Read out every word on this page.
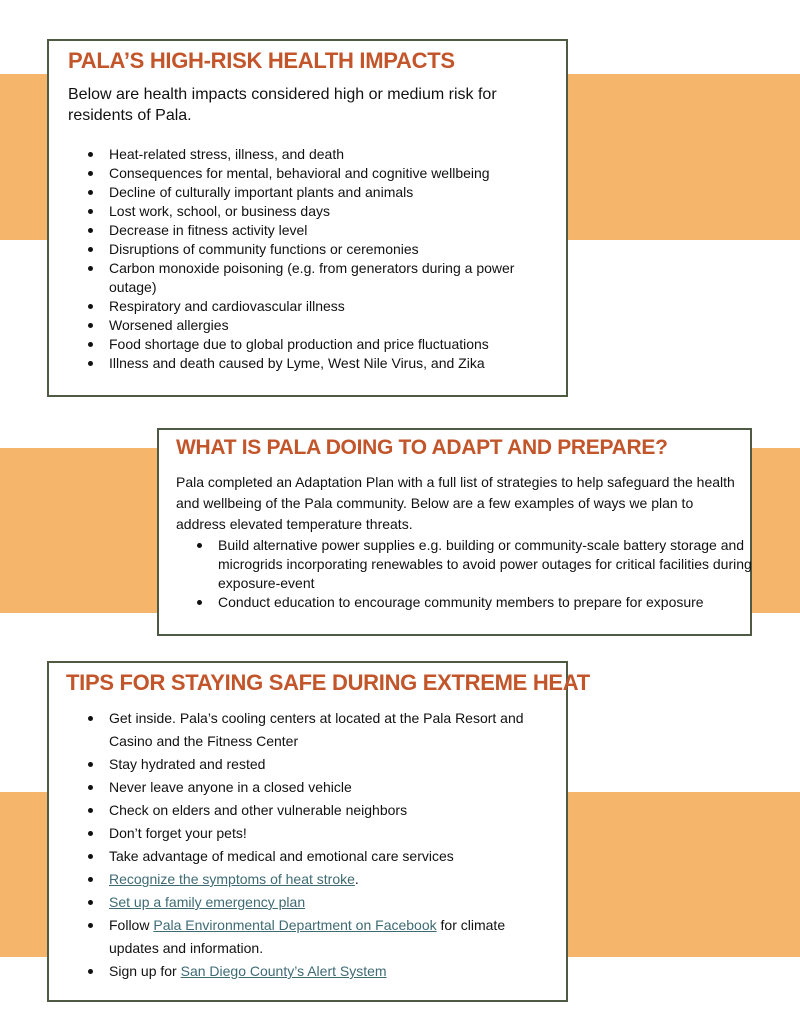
PALA’S HIGH-RISK HEALTH IMPACTS

Below are health impacts considered high or medium risk for residents of Pala.

Heat-related stress, illness, and death
Consequences for mental, behavioral and cognitive wellbeing
Decline of culturally important plants and animals
Lost work, school, or business days
Decrease in fitness activity level
Disruptions of community functions or ceremonies
Carbon monoxide poisoning (e.g. from generators during a power outage)
Respiratory and cardiovascular illness
Worsened allergies
Food shortage due to global production and price fluctuations
Illness and death caused by Lyme, West Nile Virus, and Zika
WHAT IS PALA DOING TO ADAPT AND PREPARE?

Pala completed an Adaptation Plan with a full list of strategies to help safeguard the health and wellbeing of the Pala community. Below are a few examples of ways we plan to address elevated temperature threats.

Build alternative power supplies e.g. building or community-scale battery storage and microgrids incorporating renewables to avoid power outages for critical facilities during exposure-event
Conduct education to encourage community members to prepare for exposure
TIPS FOR STAYING SAFE DURING EXTREME HEAT
Get inside. Pala’s cooling centers at located at the Pala Resort and Casino and the Fitness Center
Stay hydrated and rested
Never leave anyone in a closed vehicle
Check on elders and other vulnerable neighbors
Don’t forget your pets!
Take advantage of medical and emotional care services
Recognize the symptoms of heat stroke.
Set up a family emergency plan
Follow Pala Environmental Department on Facebook for climate updates and information.
Sign up for San Diego County’s Alert System
